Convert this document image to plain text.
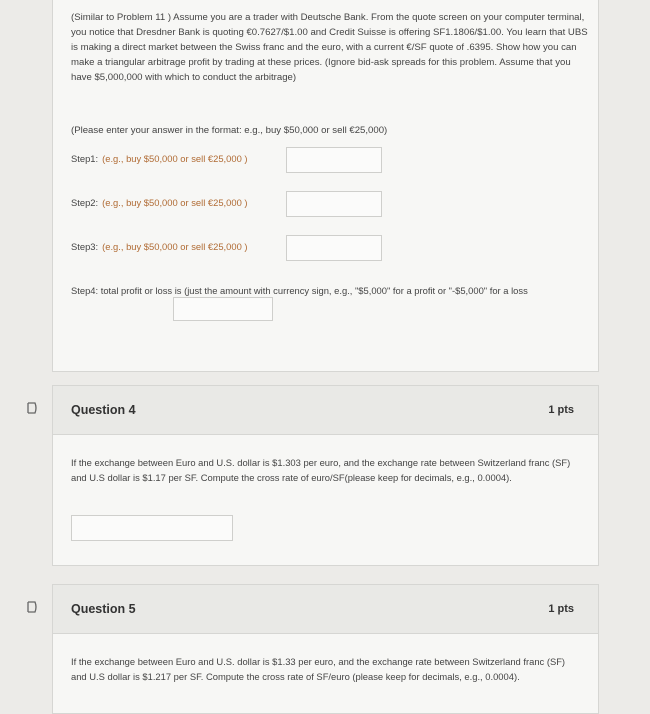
(Similar to Problem 11 ) Assume you are a trader with Deutsche Bank. From the quote screen on your computer terminal, you notice that Dresdner Bank is quoting €0.7627/$1.00 and Credit Suisse is offering SF1.1806/$1.00. You learn that UBS is making a direct market between the Swiss franc and the euro, with a current €/SF quote of .6395. Show how you can make a triangular arbitrage profit by trading at these prices. (Ignore bid-ask spreads for this problem. Assume that you have $5,000,000 with which to conduct the arbitrage)
(Please enter your answer in the format: e.g., buy $50,000 or sell €25,000)
Step1: (e.g., buy $50,000 or sell €25,000 )
Step2: (e.g., buy $50,000 or sell €25,000 )
Step3: (e.g., buy $50,000 or sell €25,000 )
Step4: total profit or loss is (just the amount with currency sign, e.g., "$5,000" for a profit or "-$5,000" for a loss
Question 4	1 pts
If the exchange between Euro and U.S. dollar is $1.303 per euro, and the exchange rate between Switzerland franc (SF) and U.S dollar is $1.17 per SF. Compute the cross rate of euro/SF(please keep for decimals, e.g., 0.0004).
Question 5	1 pts
If the exchange between Euro and U.S. dollar is $1.33 per euro, and the exchange rate between Switzerland franc (SF) and U.S dollar is $1.217 per SF. Compute the cross rate of SF/euro (please keep for decimals, e.g., 0.0004).
